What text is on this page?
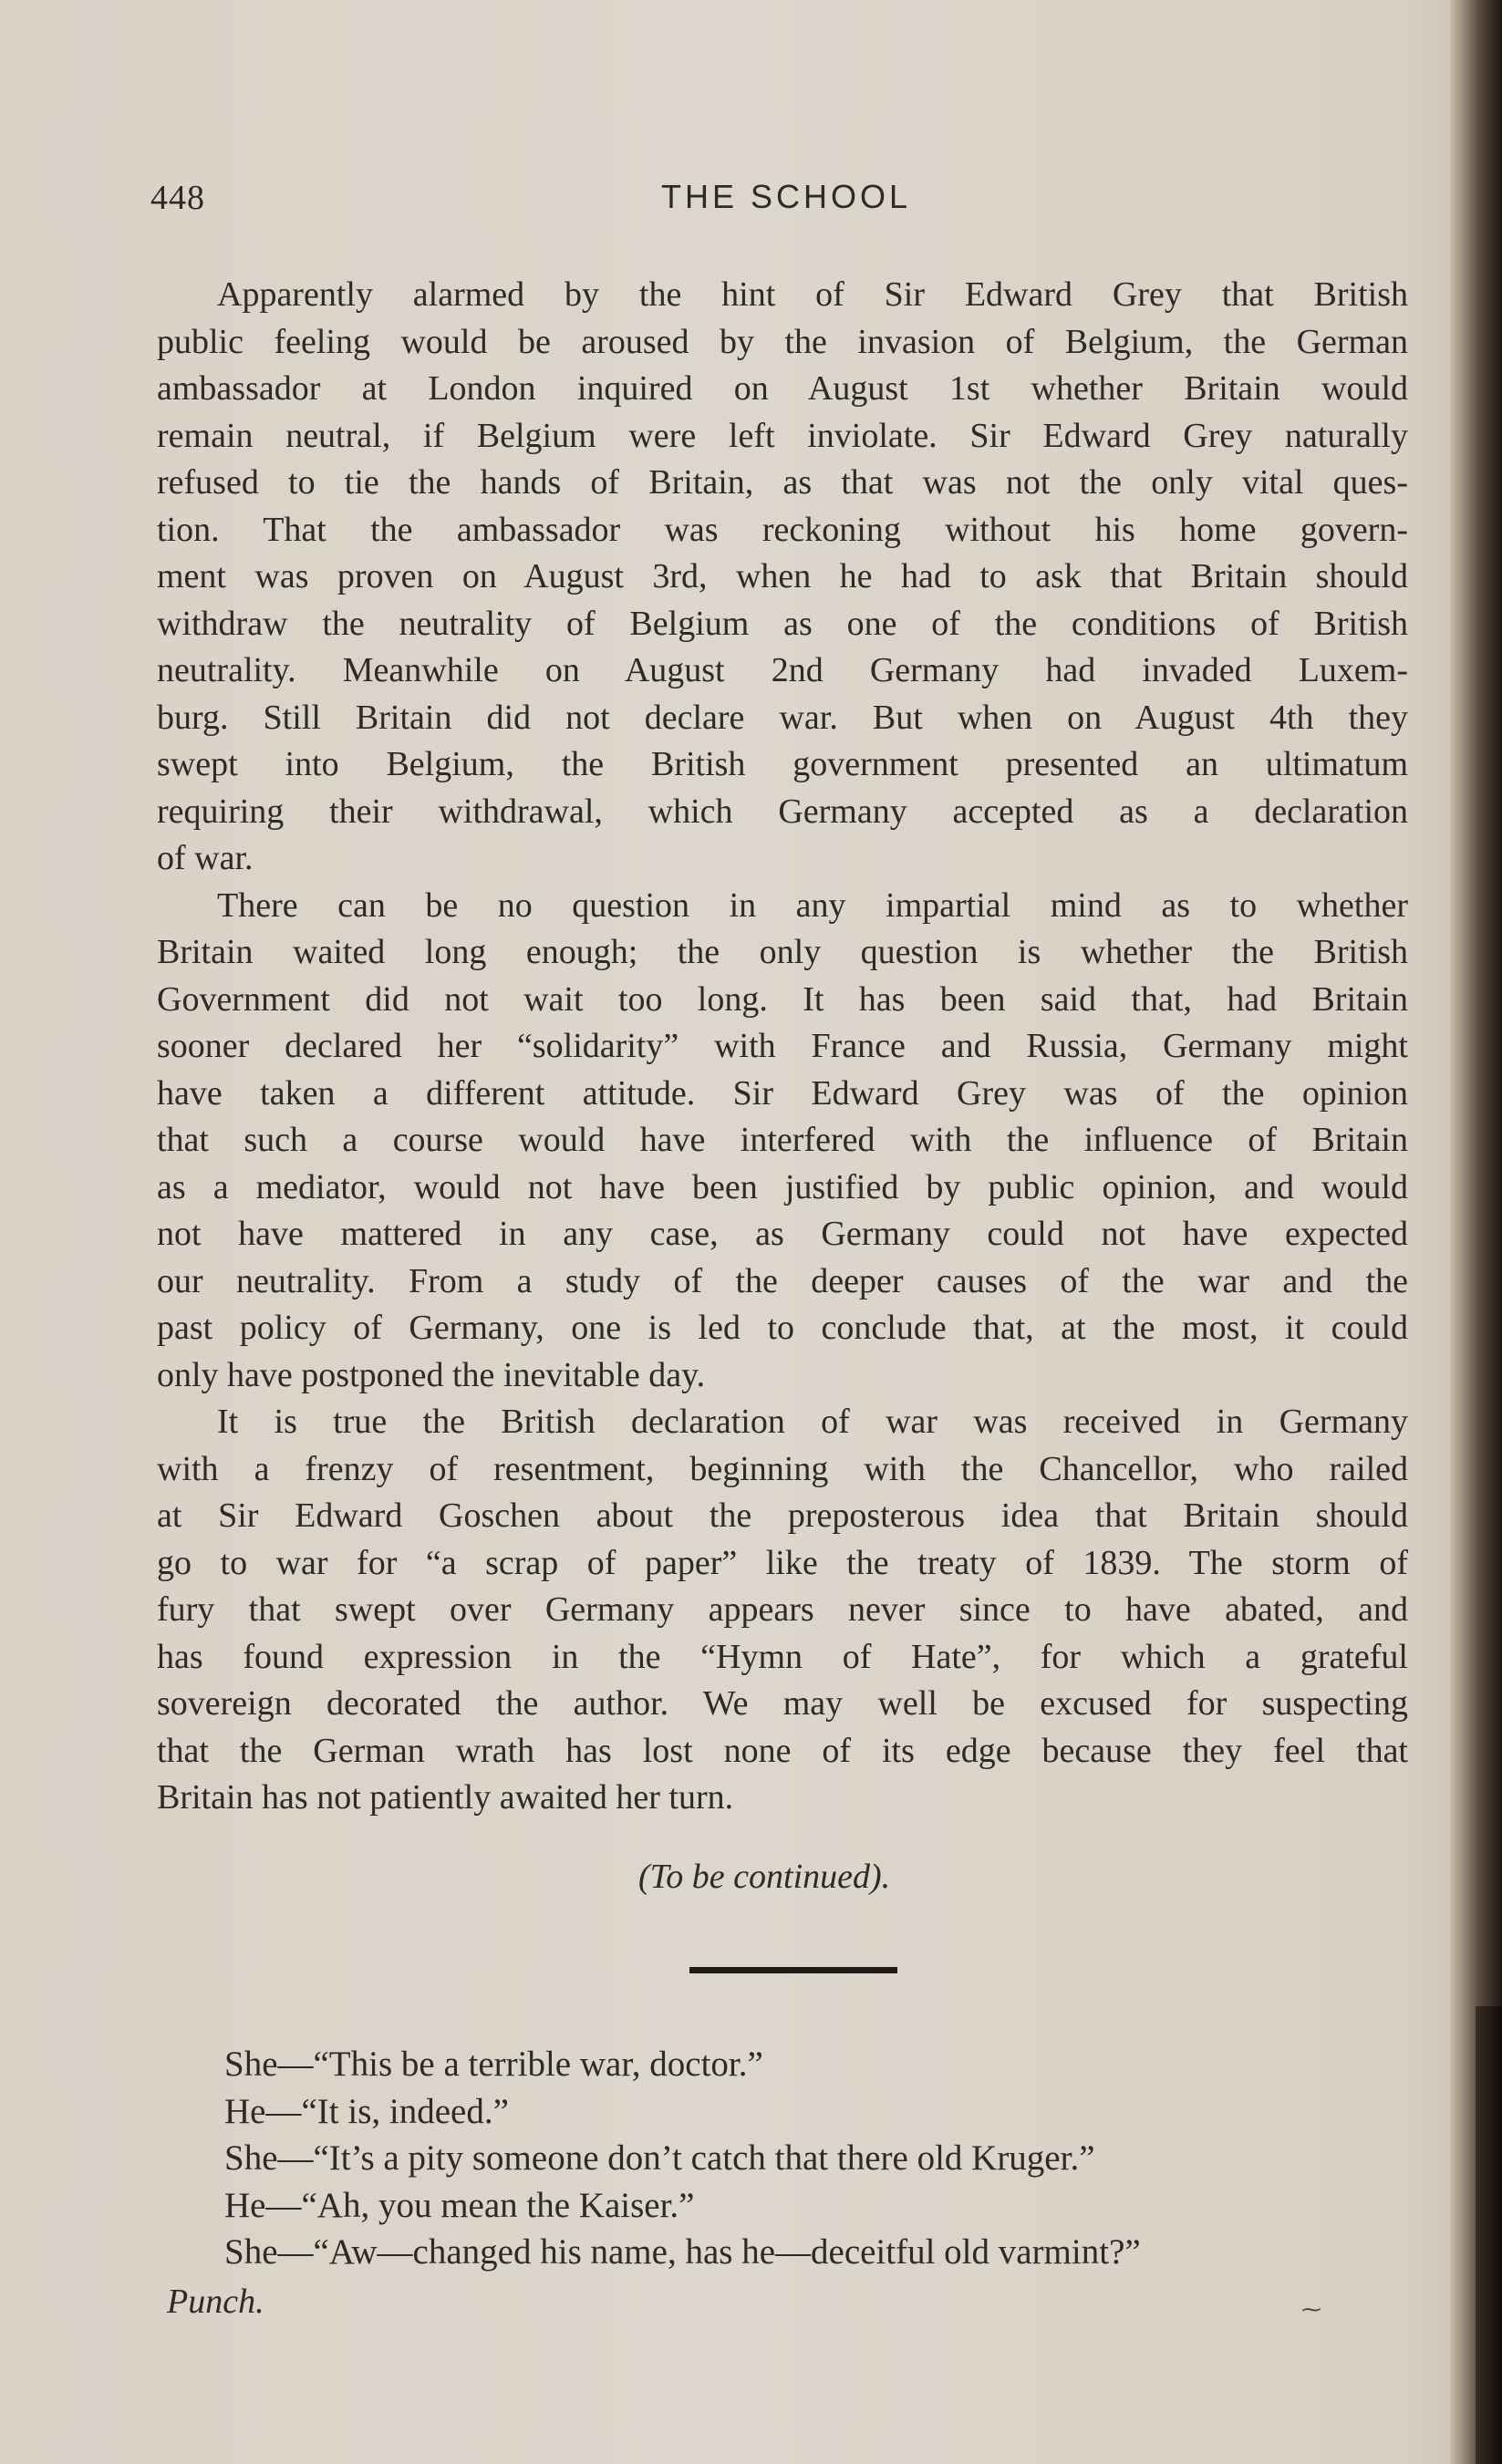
448	THE SCHOOL
Apparently alarmed by the hint of Sir Edward Grey that British
public feeling would be aroused by the invasion of Belgium, the German
ambassador at London inquired on August 1st whether Britain would
remain neutral, if Belgium were left inviolate. Sir Edward Grey naturally
refused to tie the hands of Britain, as that was not the only vital ques-
tion. That the ambassador was reckoning without his home govern-
ment was proven on August 3rd, when he had to ask that Britain should
withdraw the neutrality of Belgium as one of the conditions of British
neutrality. Meanwhile on August 2nd Germany had invaded Luxem-
burg. Still Britain did not declare war. But when on August 4th they
swept into Belgium, the British government presented an ultimatum
requiring their withdrawal, which Germany accepted as a declaration
of war.
There can be no question in any impartial mind as to whether
Britain waited long enough; the only question is whether the British
Government did not wait too long. It has been said that, had Britain
sooner declared her “solidarity” with France and Russia, Germany might
have taken a different attitude. Sir Edward Grey was of the opinion
that such a course would have interfered with the influence of Britain
as a mediator, would not have been justified by public opinion, and would
not have mattered in any case, as Germany could not have expected
our neutrality. From a study of the deeper causes of the war and the
past policy of Germany, one is led to conclude that, at the most, it could
only have postponed the inevitable day.
It is true the British declaration of war was received in Germany
with a frenzy of resentment, beginning with the Chancellor, who railed
at Sir Edward Goschen about the preposterous idea that Britain should
go to war for “a scrap of paper” like the treaty of 1839. The storm of
fury that swept over Germany appears never since to have abated, and
has found expression in the “Hymn of Hate”, for which a grateful
sovereign decorated the author. We may well be excused for suspecting
that the German wrath has lost none of its edge because they feel that
Britain has not patiently awaited her turn.
(To be continued).
She—“This be a terrible war, doctor.”
He—“It is, indeed.”
She—“It’s a pity someone don’t catch that there old Kruger.”
He—“Ah, you mean the Kaiser.”
She—“Aw—changed his name, has he—deceitful old varmint?”
Punch.	⁓
